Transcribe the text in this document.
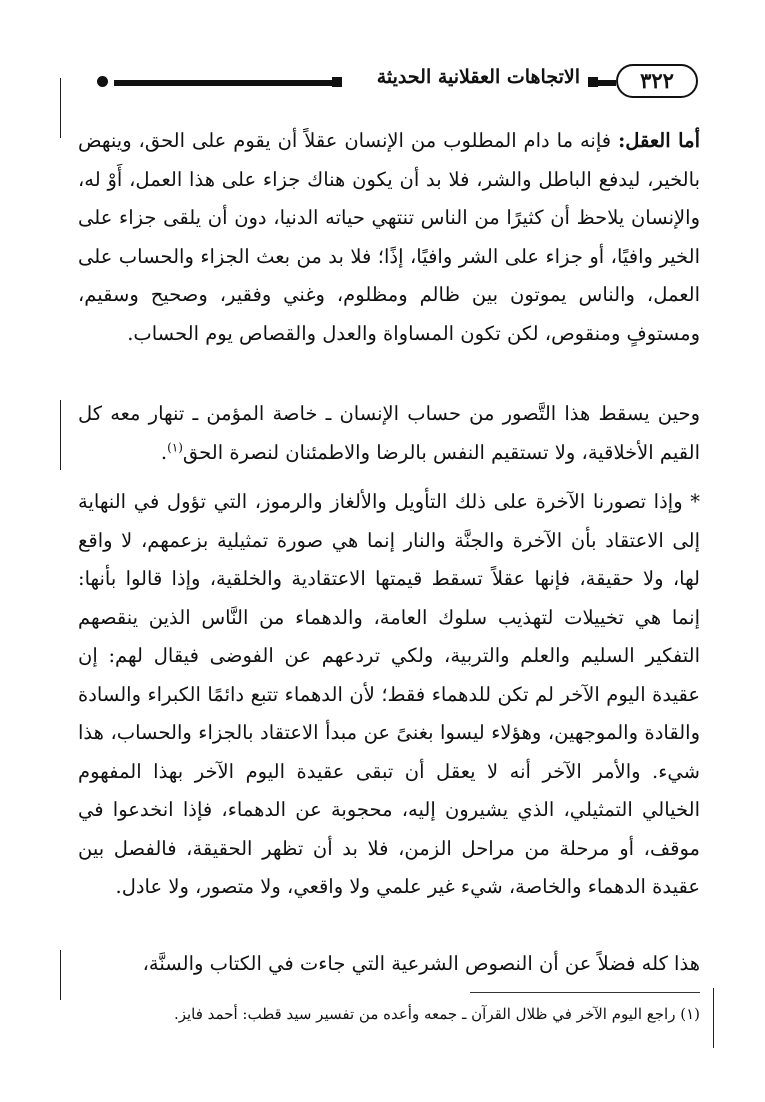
٣٢٢
الاتجاهات العقلانية الحديثة

أما العقل: فإنه ما دام المطلوب من الإنسان عقلاً أن يقوم على الحق، وينهض بالخير، ليدفع الباطل والشر، فلا بد أن يكون هناك جزاء على هذا العمل، أَوْ له، والإنسان يلاحظ أن كثيرًا من الناس تنتهي حياته الدنيا، دون أن يلقى جزاء على الخير وافيًا، أو جزاء على الشر وافيًا، إذًا؛ فلا بد من بعث الجزاء والحساب على العمل، والناس يموتون بين ظالم ومظلوم، وغني وفقير، وصحيح وسقيم، ومستوفٍ ومنقوص، لكن تكون المساواة والعدل والقصاص يوم الحساب.

وحين يسقط هذا التَّصور من حساب الإنسان ـ خاصة المؤمن ـ تنهار معه كل القيم الأخلاقية، ولا تستقيم النفس بالرضا والاطمئنان لنصرة الحق$^{(١)}$.

* وإذا تصورنا الآخرة على ذلك التأويل والألغاز والرموز، التي تؤول في النهاية إلى الاعتقاد بأن الآخرة والجنَّة والنار إنما هي صورة تمثيلية بزعمهم، لا واقع لها، ولا حقيقة، فإنها عقلاً تسقط قيمتها الاعتقادية والخلقية، وإذا قالوا بأنها: إنما هي تخييلات لتهذيب سلوك العامة، والدهماء من النَّاس الذين ينقصهم التفكير السليم والعلم والتربية، ولكي تردعهم عن الفوضى فيقال لهم: إن عقيدة اليوم الآخر لم تكن للدهماء فقط؛ لأن الدهماء تتبع دائمًا الكبراء والسادة والقادة والموجهين، وهؤلاء ليسوا بغنىً عن مبدأ الاعتقاد بالجزاء والحساب، هذا شيء. والأمر الآخر أنه لا يعقل أن تبقى عقيدة اليوم الآخر بهذا المفهوم الخيالي التمثيلي، الذي يشيرون إليه، محجوبة عن الدهماء، فإذا انخدعوا في موقف، أو مرحلة من مراحل الزمن، فلا بد أن تظهر الحقيقة، فالفصل بين عقيدة الدهماء والخاصة، شيء غير علمي ولا واقعي، ولا متصور، ولا عادل.

هذا كله فضلاً عن أن النصوص الشرعية التي جاءت في الكتاب والسنَّة،

(١) راجع اليوم الآخر في ظلال القرآن ـ جمعه وأعده من تفسير سيد قطب: أحمد فايز.
